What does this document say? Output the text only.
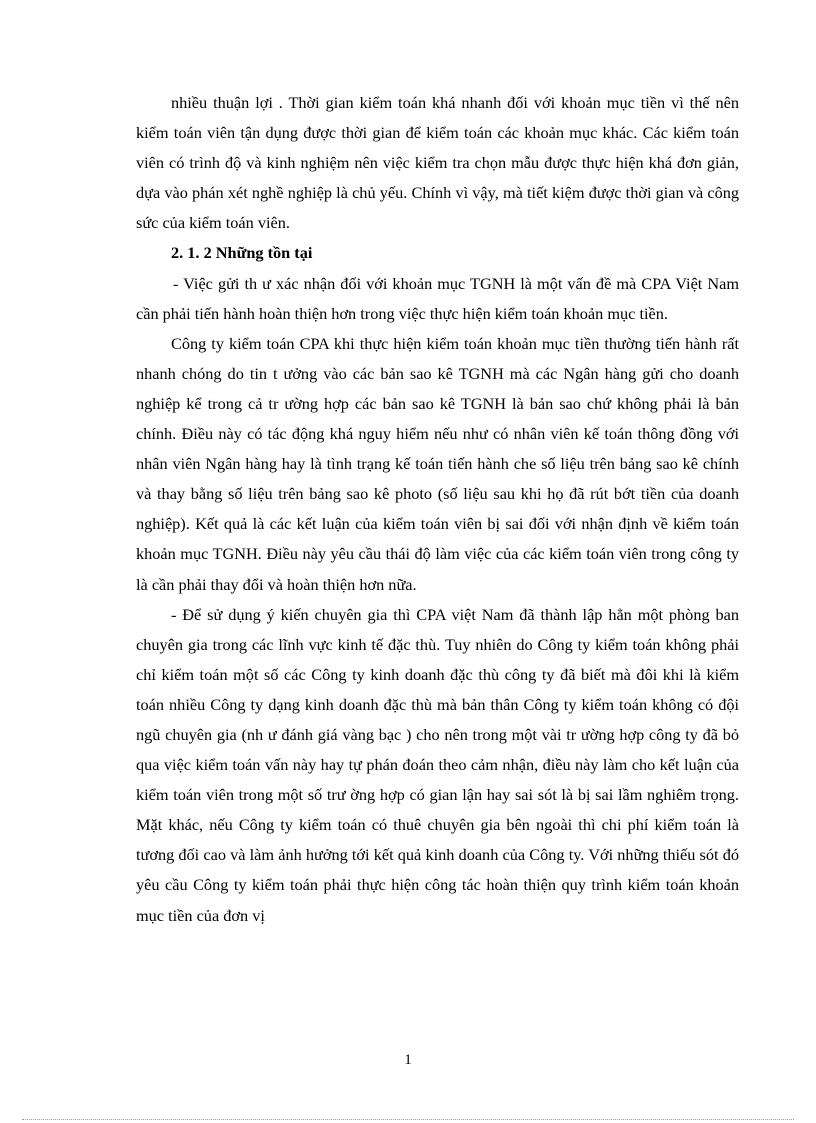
nhiều thuận lợi . Thời gian kiểm toán khá nhanh đối với khoản mục tiền vì thế nên kiểm toán viên tận dụng được thời gian để kiểm toán các khoản mục khác. Các kiểm toán viên có trình độ và kinh nghiệm nên việc kiểm tra chọn mẫu được thực hiện khá đơn giản, dựa vào phán xét nghề nghiệp là chủ yếu. Chính vì vậy, mà tiết kiệm được thời gian và công sức của kiểm toán viên.

2. 1. 2 Những tồn tại

- Việc gửi th ư xác nhận đối với khoản mục TGNH là một vấn đề mà CPA Việt Nam cần phải tiến hành hoàn thiện hơn trong việc thực hiện kiểm toán khoản mục tiền.

Công ty kiểm toán CPA khi thực hiện kiểm toán khoản mục tiền thường tiến hành rất nhanh chóng do tin t ưởng vào các bản sao kê TGNH mà các Ngân hàng gửi cho doanh nghiệp kể trong cả tr ường hợp các bản sao kê TGNH là bản sao chứ không phải là bản chính. Điều này có tác động khá nguy hiểm nếu như có nhân viên kế toán thông đồng với nhân viên Ngân hàng hay là tình trạng kế toán tiến hành che số liệu trên bảng sao kê chính và thay bằng số liệu trên bảng sao kê photo (số liệu sau khi họ đã rút bớt tiền của doanh nghiệp). Kết quả là các kết luận của kiểm toán viên bị sai đối với nhận định về kiểm toán khoản mục TGNH. Điều này yêu cầu thái độ làm việc của các kiểm toán viên trong công ty là cần phải thay đổi và hoàn thiện hơn nữa.

- Để sử dụng ý kiến chuyên gia thì CPA việt Nam đã thành lập hẳn một phòng ban chuyên gia trong các lĩnh vực kinh tế đặc thù. Tuy nhiên do Công ty kiểm toán không phải chỉ kiểm toán một số các Công ty kinh doanh đặc thù công ty đã biết mà đôi khi là kiểm toán nhiều Công ty dạng kinh doanh đặc thù mà bản thân Công ty kiểm toán không có đội ngũ chuyên gia (nh ư đánh giá vàng bạc ) cho nên trong một vài tr ường hợp công ty đã bỏ qua việc kiểm toán vấn này hay tự phán đoán theo cảm nhận, điều này làm cho kết luận của kiểm toán viên trong một số trư ờng hợp có gian lận hay sai sót là bị sai lầm nghiêm trọng. Mặt khác, nếu Công ty kiểm toán có thuê chuyên gia bên ngoài thì chi phí kiểm toán là tương đối cao và làm ảnh hưởng tới kết quả kinh doanh của Công ty. Với những thiếu sót đó yêu cầu Công ty kiểm toán phải thực hiện công tác hoàn thiện quy trình kiểm toán khoản mục tiền của đơn vị

1
